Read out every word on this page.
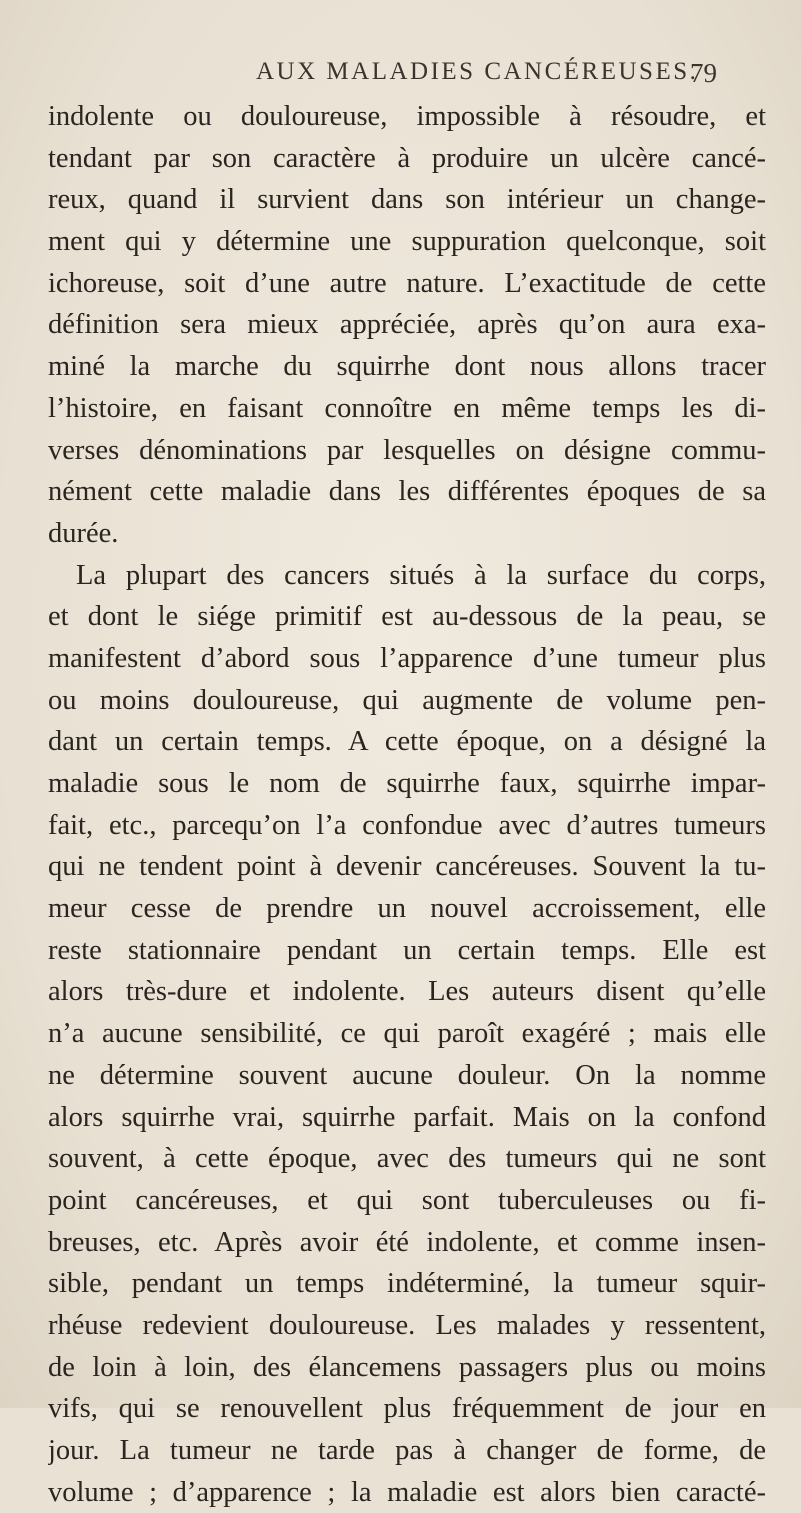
AUX MALADIES CANCÉREUSES.
79
indolente ou douloureuse, impossible à résoudre, et
tendant par son caractère à produire un ulcère cancé-
reux, quand il survient dans son intérieur un change-
ment qui y détermine une suppuration quelconque, soit
ichoreuse, soit d’une autre nature. L’exactitude de cette
définition sera mieux appréciée, après qu’on aura exa-
miné la marche du squirrhe dont nous allons tracer
l’histoire, en faisant connoître en même temps les di-
verses dénominations par lesquelles on désigne commu-
nément cette maladie dans les différentes époques de sa
durée.
La plupart des cancers situés à la surface du corps,
et dont le siége primitif est au-dessous de la peau, se
manifestent d’abord sous l’apparence d’une tumeur plus
ou moins douloureuse, qui augmente de volume pen-
dant un certain temps. A cette époque, on a désigné la
maladie sous le nom de squirrhe faux, squirrhe impar-
fait, etc., parcequ’on l’a confondue avec d’autres tumeurs
qui ne tendent point à devenir cancéreuses. Souvent la tu-
meur cesse de prendre un nouvel accroissement, elle
reste stationnaire pendant un certain temps. Elle est
alors très-dure et indolente. Les auteurs disent qu’elle
n’a aucune sensibilité, ce qui paroît exagéré ; mais elle
ne détermine souvent aucune douleur. On la nomme
alors squirrhe vrai, squirrhe parfait. Mais on la confond
souvent, à cette époque, avec des tumeurs qui ne sont
point cancéreuses, et qui sont tuberculeuses ou fi-
breuses, etc. Après avoir été indolente, et comme insen-
sible, pendant un temps indéterminé, la tumeur squir-
rhéuse redevient douloureuse. Les malades y ressentent,
de loin à loin, des élancemens passagers plus ou moins
vifs, qui se renouvellent plus fréquemment de jour en
jour. La tumeur ne tarde pas à changer de forme, de
volume ; d’apparence ; la maladie est alors bien caracté-
